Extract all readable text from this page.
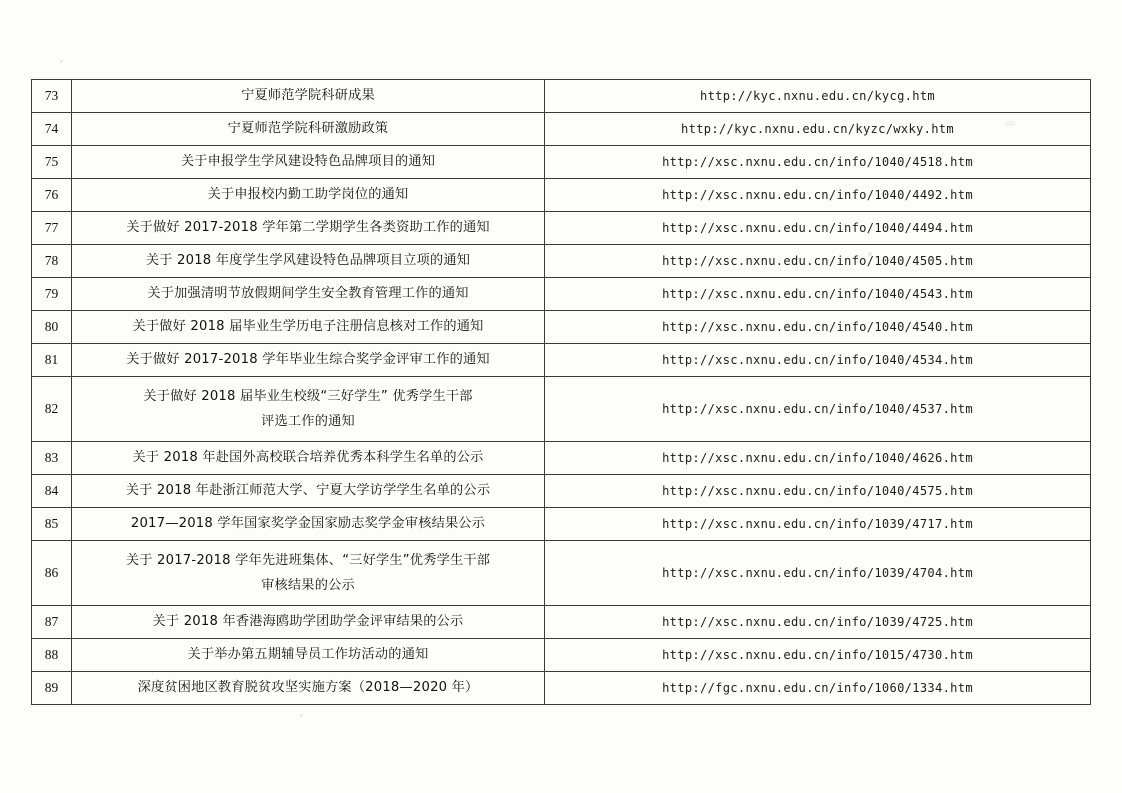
73	宁夏师范学院科研成果	http://kyc.nxnu.edu.cn/kycg.htm
74	宁夏师范学院科研激励政策	http://kyc.nxnu.edu.cn/kyzc/wxky.htm
75	关于申报学生学风建设特色品牌项目的通知	http://xsc.nxnu.edu.cn/info/1040/4518.htm
76	关于申报校内勤工助学岗位的通知	http://xsc.nxnu.edu.cn/info/1040/4492.htm
77	关于做好 2017-2018 学年第二学期学生各类资助工作的通知	http://xsc.nxnu.edu.cn/info/1040/4494.htm
78	关于 2018 年度学生学风建设特色品牌项目立项的通知	http://xsc.nxnu.edu.cn/info/1040/4505.htm
79	关于加强清明节放假期间学生安全教育管理工作的通知	http://xsc.nxnu.edu.cn/info/1040/4543.htm
80	关于做好 2018 届毕业生学历电子注册信息核对工作的通知	http://xsc.nxnu.edu.cn/info/1040/4540.htm
81	关于做好 2017-2018 学年毕业生综合奖学金评审工作的通知	http://xsc.nxnu.edu.cn/info/1040/4534.htm
82	关于做好 2018 届毕业生校级“三好学生” 优秀学生干部
评选工作的通知	http://xsc.nxnu.edu.cn/info/1040/4537.htm
83	关于 2018 年赴国外高校联合培养优秀本科学生名单的公示	http://xsc.nxnu.edu.cn/info/1040/4626.htm
84	关于 2018 年赴浙江师范大学、宁夏大学访学学生名单的公示	http://xsc.nxnu.edu.cn/info/1040/4575.htm
85	2017—2018 学年国家奖学金国家励志奖学金审核结果公示	http://xsc.nxnu.edu.cn/info/1039/4717.htm
86	关于 2017-2018 学年先进班集体、“三好学生”优秀学生干部
审核结果的公示	http://xsc.nxnu.edu.cn/info/1039/4704.htm
87	关于 2018 年香港海鸥助学团助学金评审结果的公示	http://xsc.nxnu.edu.cn/info/1039/4725.htm
88	关于举办第五期辅导员工作坊活动的通知	http://xsc.nxnu.edu.cn/info/1015/4730.htm
89	深度贫困地区教育脱贫攻坚实施方案（2018—2020 年）	http://fgc.nxnu.edu.cn/info/1060/1334.htm
